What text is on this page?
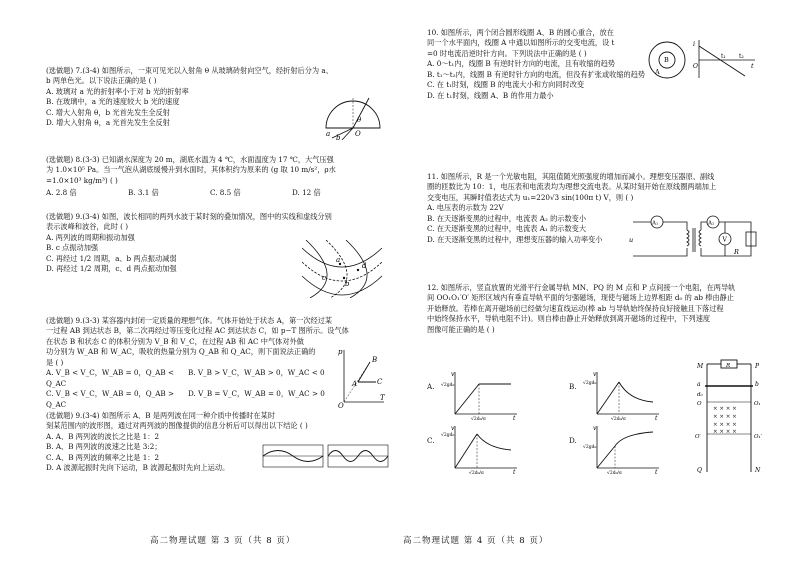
(选做题) 7.(3-4) 如图所示，一束可见光以入射角 θ 从玻璃砖射向空气，经折射后分为 a、

b 两单色光。以下说法正确的是 ( )

A. 玻璃对 a 光的折射率小于对 b 光的折射率

B. 在玻璃中，a 光的速度较大 b 光的速度

C. 增大入射角 θ，b 光首先发生全反射

D. 增大入射角 θ，a 光首先发生全反射

a b
θ
O

(选做题) 8.(3-3) 已知湖水深度为 20 m，湖底水温为 4 ℃，水面温度为 17 ℃，大气压强

为 1.0×10⁵ Pa。当一气泡从湖底缓慢升到水面时，其体积约为原来的 (g 取 10 m/s²，ρ水

=1.0×10³ kg/m³) ( )

A. 2.8 倍	B. 3.1 倍	C. 8.5 倍	D. 12 倍

(选做题) 9.(3-4) 如图，波长相同的两列水波于某时刻的叠加情况，图中的实线和虚线分别

表示波峰和波谷，此时 ( )

A. 两列波的周期和振动加强

B. c 点振动加强

C. 再经过 1/2 周期，a、b 两点振动减弱

D. 再经过 1/2 周期，c、d 两点振动加强

a
b
c
d

(选做题) 9.(3-3) 某容器内封闭一定质量的理想气体。气体开始处于状态 A，第一次经过某

一过程 AB 到达状态 B，第二次再经过等压变化过程 AC 到达状态 C，如 p−T 图所示。设气体

在状态 B 和状态 C 的体积分别为 V_B 和 V_C，在过程 AB 和 AC 中气体对外做

功分别为 W_AB 和 W_AC，吸收的热量分别为 Q_AB 和 Q_AC，则下面说法正确的

是 ( )

A. V_B < V_C，W_AB = 0，Q_AB < Q_AC
B. V_B > V_C，W_AB > 0，W_AC < 0
C. V_B < V_C，W_AB = 0，Q_AB > Q_AC
D. V_B = V_C，W_AB = 0，W_AC > 0
p
T
O
A
B
C

(选做题) 9.(3-4) 如图所示 A、B 是两列波在同一种介质中传播时在某时

刻某范围内的波形图，通过对两列波的图像提供的信息分析后可以得出以下结论 ( )

A. A、B 两列波的波长之比是 1：2

B. A、B 两列波的波速之比是 3:2；

C. A、B 两列波的频率之比是 1：2

D. A 波源起振时先向下运动，B 波源起振时先向上运动。

高二物理试题 第 3 页（共 8 页）

10. 如图所示，两个闭合圆形线圈 A、B 的圆心重合，放在

同一个水平面内，线圈 A 中通以如图所示的交变电流，设 t

=0 时电流沿逆时针方向。下列说法中正确的是 ( )

A. 0～t₁内，线圈 B 有逆时针方向的电流，且有收缩的趋势

B. t₁～t₂内，线圈 B 有逆时针方向的电流，但没有扩张或收缩的趋势

C. 在 t₁时刻，线圈 B 的电流大小和方向同时改变

D. 在 t₁时刻，线圈 A、B 的作用力最小

A
B
i
t
t₁ t₂
O

11. 如图所示，R 是一个光敏电阻，其阻值随光照强度的增加而减小。理想变压器原、副线

圈的匝数比为 10：1，电压表和电流表均为理想交流电表。从某时刻开始在原线圈两端加上

交变电压，其瞬时值表达式为 u₁=220√3 sin(100π t) V，则 ( )

A. 电压表的示数为 22V

B. 在天逐渐变黑的过程中，电流表 A₂ 的示数变小

C. 在天逐渐变黑的过程中，电流表 A₁ 的示数变大

D. 在天逐渐变黑的过程中，理想变压器的输入功率变小

A₁	A₂
V
u
R

12. 如图所示，竖直放置的光滑平行金属导轨 MN、PQ 的 M 点和 P 点间接一个电阻，在两导轨

间 OO₁O₁′O′ 矩形区域内有垂直导轨平面的匀强磁场，现使与磁场上边界相距 d₀ 的 ab 棒由静止

开始释放。若棒在离开磁场前已经做匀速直线运动(棒 ab 与导轨始终保持良好接触且下落过程

中始终保持水平，导轨电阻不计)。则自棒由静止开始释放到离开磁场的过程中，下列速度

图像可能正确的是 ( )

A. √2gd₀
√2d₀/g
v
t
B. √2gd₀
√2d₀/g
v
t
C.
√2gd₀
√2d₀/g
v
t
D.
√2gd₀
√2d₀/g
v
t
× × × ×
× × × ×
× × × ×
× × × ×
M	P
R
a	b
d₀
O	O₁
O′	O₁′
Q	N
高二物理试题 第 4 页（共 8 页）
